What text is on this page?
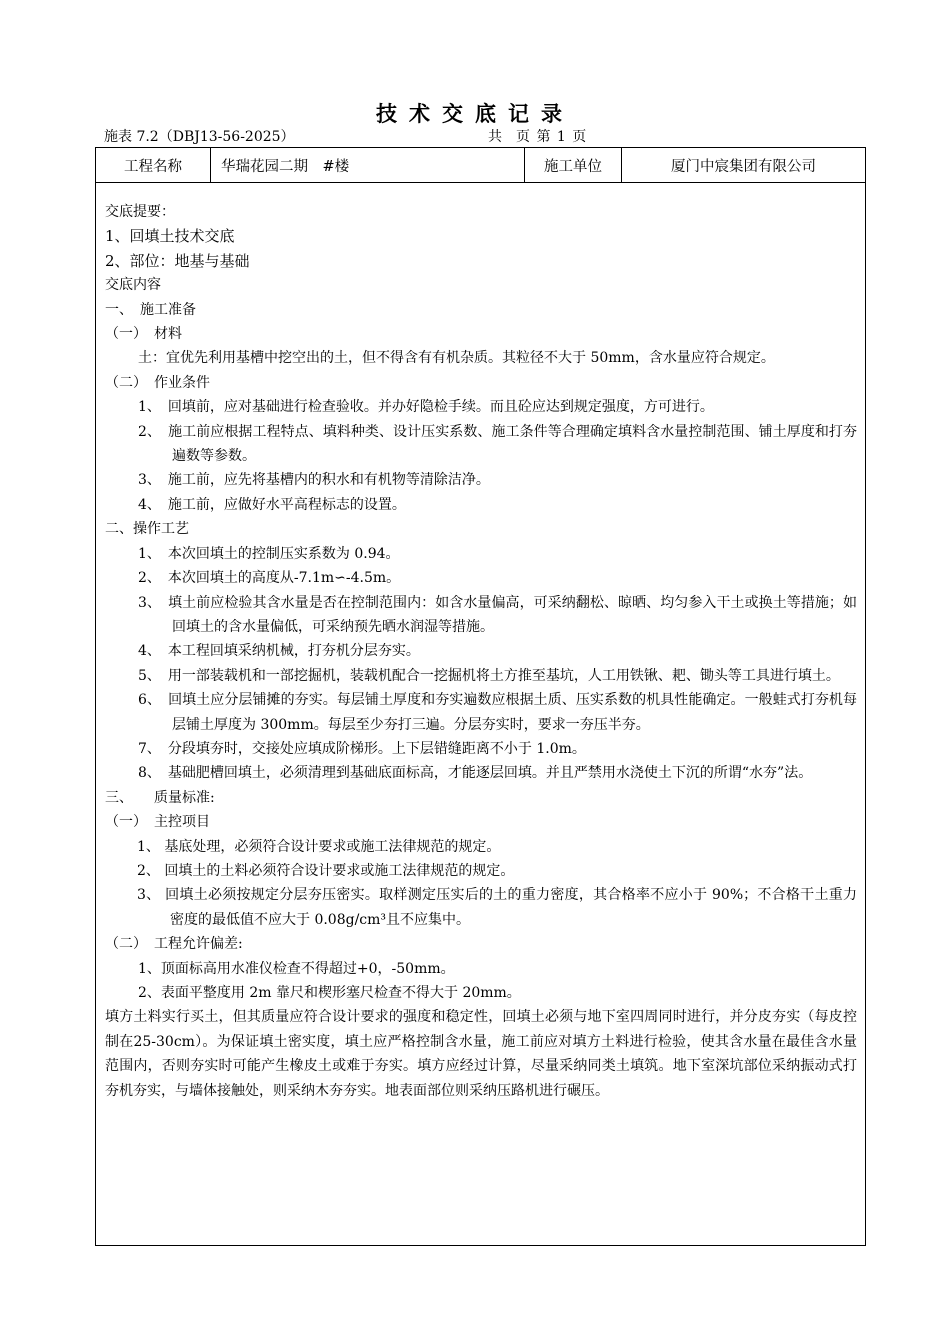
技术交底记录
施表 7.2（DBJ13-56-2025）	共　页 第 1 页
工程名称	华瑞花园二期　#楼	施工单位	厦门中宸集团有限公司
交底提要：
1、回填土技术交底
2、部位：地基与基础
交底内容
一、　施工准备
（一）　材料
土：宜优先利用基槽中挖空出的土，但不得含有有机杂质。其粒径不大于 50mm，含水量应符合规定。
（二）　作业条件
1、　回填前，应对基础进行检查验收。并办好隐检手续。而且砼应达到规定强度，方可进行。
2、　施工前应根据工程特点、填料种类、设计压实系数、施工条件等合理确定填料含水量控制范围、铺土厚度和打夯遍数等参数。
3、　施工前，应先将基槽内的积水和有机物等清除洁净。
4、　施工前，应做好水平高程标志的设置。
二、操作工艺
1、　本次回填土的控制压实系数为 0.94。
2、　本次回填土的高度从-7.1m∽-4.5m。
3、　填土前应检验其含水量是否在控制范围内：如含水量偏高，可采纳翻松、晾晒、均匀参入干土或换土等措施；如回填土的含水量偏低，可采纳预先晒水润湿等措施。
4、　本工程回填采纳机械，打夯机分层夯实。
5、　用一部装载机和一部挖掘机，装载机配合一挖掘机将土方推至基坑，人工用铁锹、耙、锄头等工具进行填土。
6、　回填土应分层铺摊的夯实。每层铺土厚度和夯实遍数应根据土质、压实系数的机具性能确定。一般蛙式打夯机每层铺土厚度为 300mm。每层至少夯打三遍。分层夯实时，要求一夯压半夯。
7、　分段填夯时，交接处应填成阶梯形。上下层错缝距离不小于 1.0m。
8、　基础肥槽回填土，必须清理到基础底面标高，才能逐层回填。并且严禁用水浇使土下沉的所谓“水夯”法。
三、　　质量标准:
（一）　主控项目
1、 基底处理，必须符合设计要求或施工法律规范的规定。
2、 回填土的土料必须符合设计要求或施工法律规范的规定。
3、 回填土必须按规定分层夯压密实。取样测定压实后的土的重力密度，其合格率不应小于 90%；不合格干土重力密度的最低值不应大于 0.08g/cm³且不应集中。
（二）　工程允许偏差:
1、顶面标高用水准仪检查不得超过+0，-50mm。
2、表面平整度用 2m 靠尺和楔形塞尺检查不得大于 20mm。
填方土料实行买土，但其质量应符合设计要求的强度和稳定性，回填土必须与地下室四周同时进行，并分皮夯实（每皮控制在25-30cm）。为保证填土密实度，填土应严格控制含水量，施工前应对填方土料进行检验，使其含水量在最佳含水量范围内，否则夯实时可能产生橡皮土或难于夯实。填方应经过计算，尽量采纳同类土填筑。地下室深坑部位采纳振动式打夯机夯实，与墙体接触处，则采纳木夯夯实。地表面部位则采纳压路机进行碾压。
